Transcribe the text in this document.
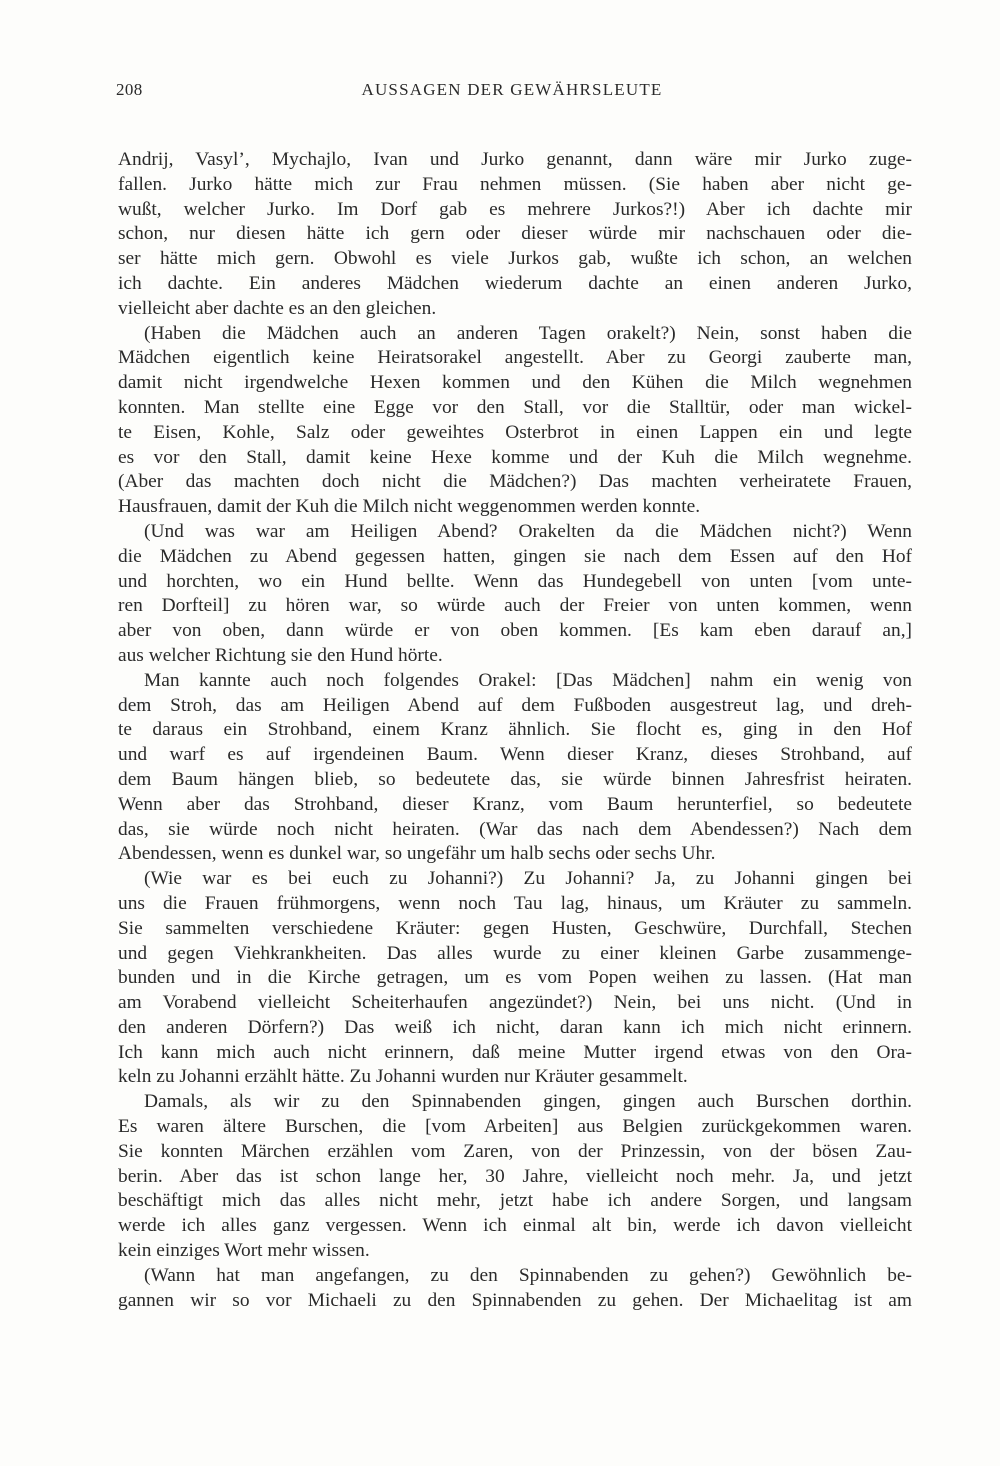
208	AUSSAGEN DER GEWÄHRSLEUTE
Andrij, Vasyl’, Mychajlo, Ivan und Jurko genannt, dann wäre mir Jurko zuge-
fallen. Jurko hätte mich zur Frau nehmen müssen. (Sie haben aber nicht ge-
wußt, welcher Jurko. Im Dorf gab es mehrere Jurkos?!) Aber ich dachte mir
schon, nur diesen hätte ich gern oder dieser würde mir nachschauen oder die-
ser hätte mich gern. Obwohl es viele Jurkos gab, wußte ich schon, an welchen
ich dachte. Ein anderes Mädchen wiederum dachte an einen anderen Jurko,
vielleicht aber dachte es an den gleichen.
(Haben die Mädchen auch an anderen Tagen orakelt?) Nein, sonst haben die
Mädchen eigentlich keine Heiratsorakel angestellt. Aber zu Georgi zauberte man,
damit nicht irgendwelche Hexen kommen und den Kühen die Milch wegnehmen
konnten. Man stellte eine Egge vor den Stall, vor die Stalltür, oder man wickel-
te Eisen, Kohle, Salz oder geweihtes Osterbrot in einen Lappen ein und legte
es vor den Stall, damit keine Hexe komme und der Kuh die Milch wegnehme.
(Aber das machten doch nicht die Mädchen?) Das machten verheiratete Frauen,
Hausfrauen, damit der Kuh die Milch nicht weggenommen werden konnte.
(Und was war am Heiligen Abend? Orakelten da die Mädchen nicht?) Wenn
die Mädchen zu Abend gegessen hatten, gingen sie nach dem Essen auf den Hof
und horchten, wo ein Hund bellte. Wenn das Hundegebell von unten [vom unte-
ren Dorfteil] zu hören war, so würde auch der Freier von unten kommen, wenn
aber von oben, dann würde er von oben kommen. [Es kam eben darauf an,]
aus welcher Richtung sie den Hund hörte.
Man kannte auch noch folgendes Orakel: [Das Mädchen] nahm ein wenig von
dem Stroh, das am Heiligen Abend auf dem Fußboden ausgestreut lag, und dreh-
te daraus ein Strohband, einem Kranz ähnlich. Sie flocht es, ging in den Hof
und warf es auf irgendeinen Baum. Wenn dieser Kranz, dieses Strohband, auf
dem Baum hängen blieb, so bedeutete das, sie würde binnen Jahresfrist heiraten.
Wenn aber das Strohband, dieser Kranz, vom Baum herunterfiel, so bedeutete
das, sie würde noch nicht heiraten. (War das nach dem Abendessen?) Nach dem
Abendessen, wenn es dunkel war, so ungefähr um halb sechs oder sechs Uhr.
(Wie war es bei euch zu Johanni?) Zu Johanni? Ja, zu Johanni gingen bei
uns die Frauen frühmorgens, wenn noch Tau lag, hinaus, um Kräuter zu sammeln.
Sie sammelten verschiedene Kräuter: gegen Husten, Geschwüre, Durchfall, Stechen
und gegen Viehkrankheiten. Das alles wurde zu einer kleinen Garbe zusammenge-
bunden und in die Kirche getragen, um es vom Popen weihen zu lassen. (Hat man
am Vorabend vielleicht Scheiterhaufen angezündet?) Nein, bei uns nicht. (Und in
den anderen Dörfern?) Das weiß ich nicht, daran kann ich mich nicht erinnern.
Ich kann mich auch nicht erinnern, daß meine Mutter irgend etwas von den Ora-
keln zu Johanni erzählt hätte. Zu Johanni wurden nur Kräuter gesammelt.
Damals, als wir zu den Spinnabenden gingen, gingen auch Burschen dorthin.
Es waren ältere Burschen, die [vom Arbeiten] aus Belgien zurückgekommen waren.
Sie konnten Märchen erzählen vom Zaren, von der Prinzessin, von der bösen Zau-
berin. Aber das ist schon lange her, 30 Jahre, vielleicht noch mehr. Ja, und jetzt
beschäftigt mich das alles nicht mehr, jetzt habe ich andere Sorgen, und langsam
werde ich alles ganz vergessen. Wenn ich einmal alt bin, werde ich davon vielleicht
kein einziges Wort mehr wissen.
(Wann hat man angefangen, zu den Spinnabenden zu gehen?) Gewöhnlich be-
gannen wir so vor Michaeli zu den Spinnabenden zu gehen. Der Michaelitag ist am
